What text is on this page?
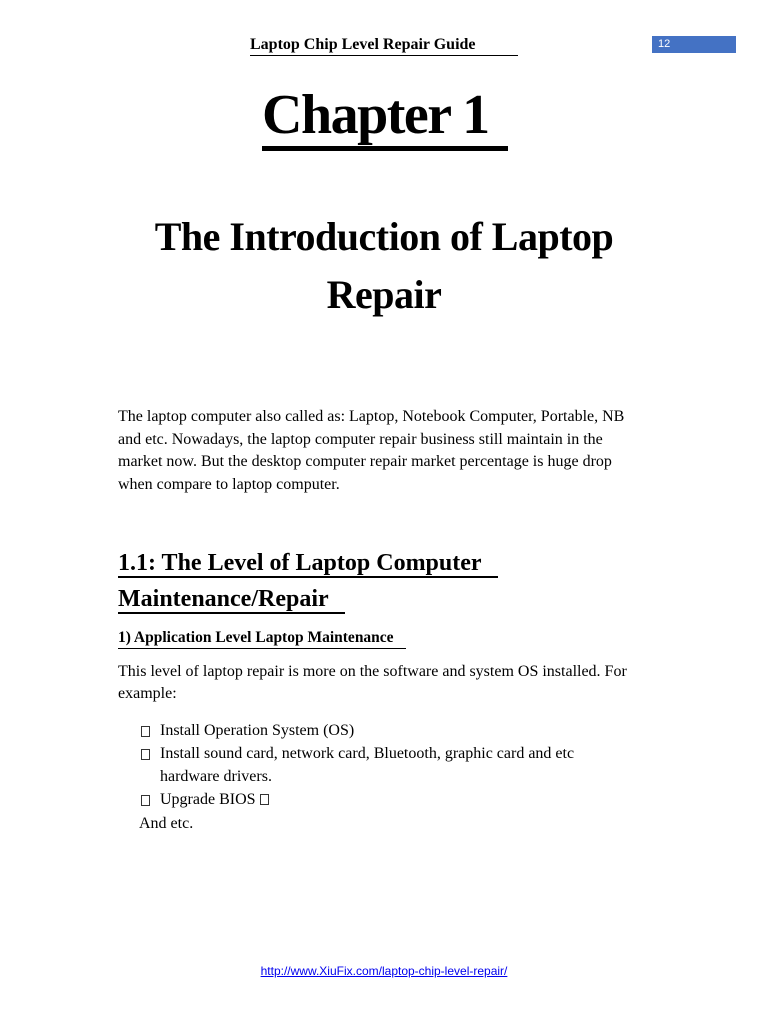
Laptop Chip Level Repair Guide	12
Chapter 1
The Introduction of Laptop Repair

The laptop computer also called as: Laptop, Notebook Computer, Portable, NB and etc. Nowadays, the laptop computer repair business still maintain in the market now. But the desktop computer repair market percentage is huge drop when compare to laptop computer.

1.1: The Level of Laptop Computer
Maintenance/Repair
1) Application Level Laptop Maintenance

This level of laptop repair is more on the software and system OS installed. For example:

Install Operation System (OS)
Install sound card, network card, Bluetooth, graphic card and etc hardware drivers.
Upgrade BIOS
And etc.
http://www.XiuFix.com/laptop-chip-level-repair/
